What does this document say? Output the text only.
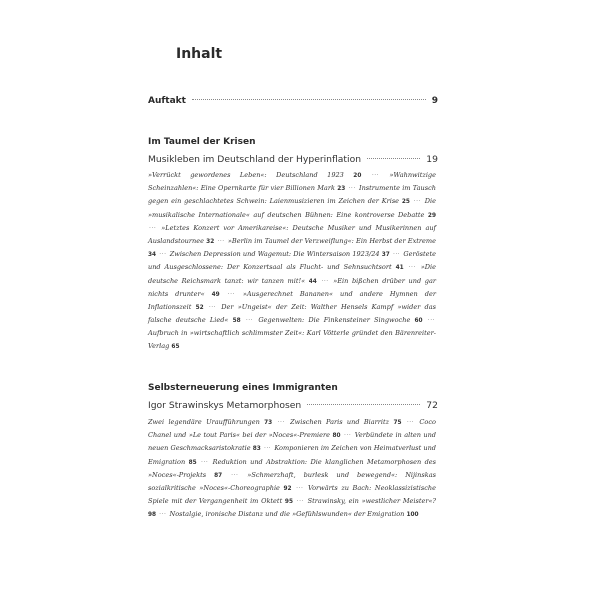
Inhalt
Auftakt	9
Im Taumel der Krisen
Musikleben im Deutschland der Hyperinflation	19
»Verrückt gewordenes Leben«: Deutschland 1923 20 ···	»Wahnwitzige Scheinzahlen«: Eine Opernkarte für vier Billionen Mark 23 ··· Instrumente im Tausch gegen ein geschlachtetes Schwein: Laienmusizieren im Zeichen der Krise 25 ··· Die »musikalische Internationale« auf deutschen Bühnen: Eine kontroverse Debatte 29 ··· »Letztes Konzert vor Amerikareise«: Deutsche Musiker und Musikerinnen auf Auslandstournee 32 ··· »Berlin im Taumel der Verzweiflung«: Ein Herbst der Extreme 34 ··· Zwischen Depression und Wagemut: Die Wintersaison 1923/24 37 ··· Geröstete und Ausgeschlossene: Der Konzertsaal als Flucht- und Sehnsuchtsort 41 ···	»Die deutsche Reichsmark tanzt: wir tanzen mit!« 44 ···	»Ein bißchen drüber und gar nichts drunter« 49 ···	»Ausgerechnet Bananen« und andere Hymnen der Inflationszeit 52 ···	Der »Ungeist« der Zeit: Walther Hensels Kampf »wider das falsche deutsche Lied« 58 ···	Gegenwelten: Die Finkensteiner Singwoche 60 ··· Aufbruch in »wirtschaftlich schlimmster Zeit«: Karl Vötterle gründet den Bärenreiter-Verlag 65
Selbsterneuerung eines Immigranten
Igor Strawinskys Metamorphosen	72
Zwei legendäre Uraufführungen 73 ···	Zwischen Paris und Biarritz 75 ···	Coco Chanel und »Le tout Paris« bei der »Noces«-Premiere 80 ··· Verbündete in alten und neuen Geschmacksaristokratie 83 ··· Komponieren im Zeichen von Heimatverlust und Emigration 85 ··· Reduktion und Abstraktion: Die klanglichen Metamorphosen des »Noces«-Projekts 87 ···	»Schmerzhaft, burlesk und bewegend«: Nijinskas sozialkritische »Noces«-Choreographie 92 ··· Vorwärts zu Bach: Neoklassizistische Spiele mit der Vergangenheit im Oktett 95 ··· Strawinsky, ein »westlicher Meister«? 98 ··· Nostalgie, ironische Distanz und die »Gefühlswunden« der Emigration 100
